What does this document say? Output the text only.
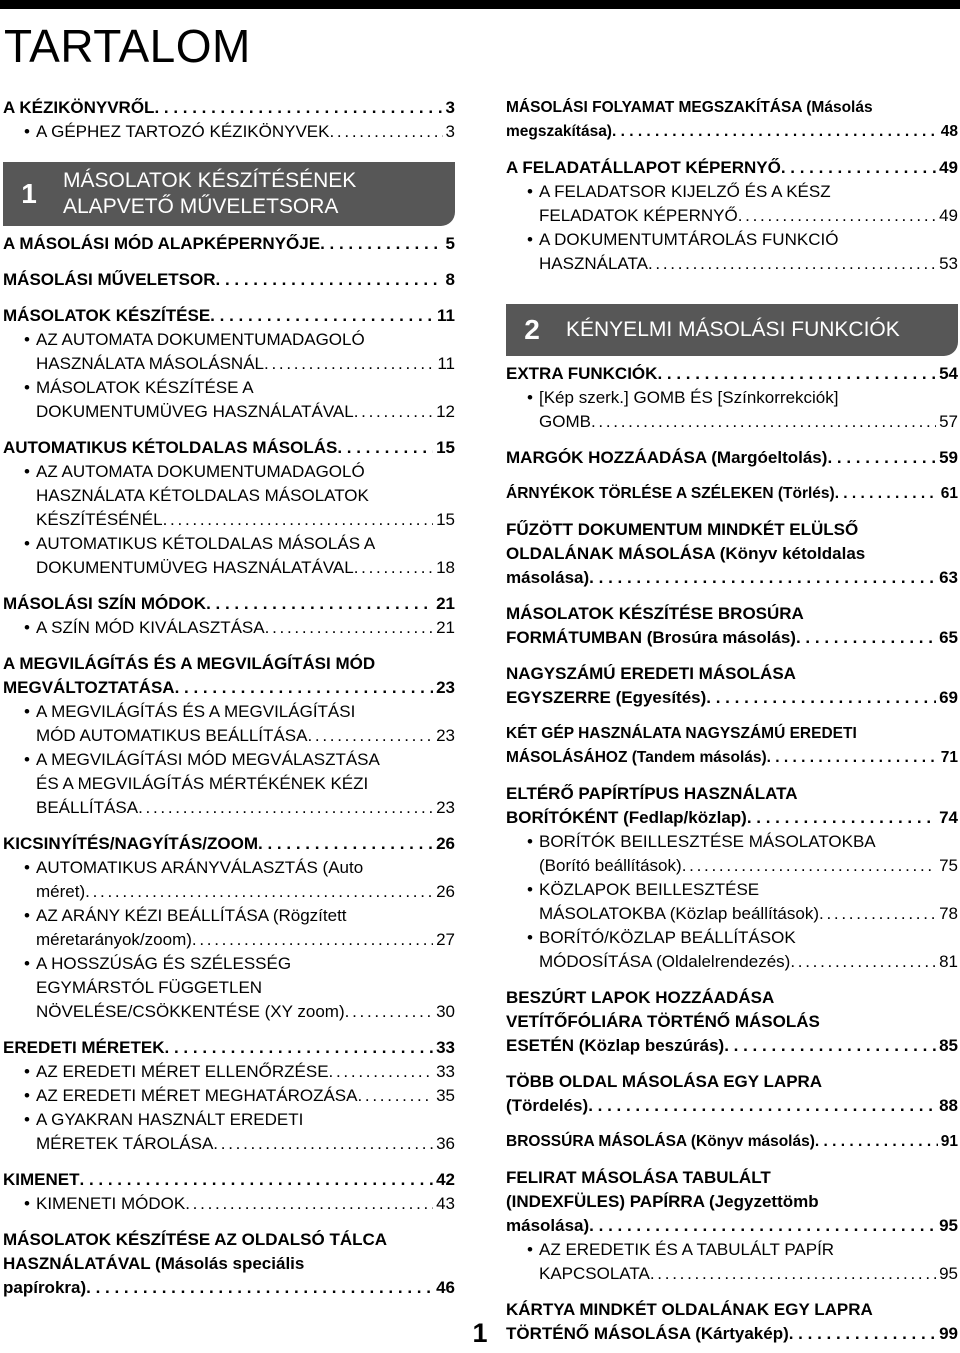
TARTALOM
A KÉZIKÖNYVRŐL . . .	3
• A GÉPHEZ TARTOZÓ KÉZIKÖNYVEK . . .	3
1	MÁSOLATOK KÉSZÍTÉSÉNEK
ALAPVETŐ MŰVELETSORA
A MÁSOLÁSI MÓD ALAPKÉPERNYŐJE . . .	5
MÁSOLÁSI MŰVELETSOR . . .	8
MÁSOLATOK KÉSZÍTÉSE . . .	11
• AZ AUTOMATA DOKUMENTUMADAGOLÓ
HASZNÁLATA MÁSOLÁSNÁL . . .	11
• MÁSOLATOK KÉSZÍTÉSE A
DOKUMENTUMÜVEG HASZNÁLATÁVAL . . .	12
AUTOMATIKUS KÉTOLDALAS MÁSOLÁS . . .	15
• AZ AUTOMATA DOKUMENTUMADAGOLÓ
HASZNÁLATA KÉTOLDALAS MÁSOLATOK
KÉSZÍTÉSÉNÉL . . .	15
• AUTOMATIKUS KÉTOLDALAS MÁSOLÁS A
DOKUMENTUMÜVEG HASZNÁLATÁVAL . . .	18
MÁSOLÁSI SZÍN MÓDOK . . .	21
• A SZÍN MÓD KIVÁLASZTÁSA . . .	21
A MEGVILÁGÍTÁS ÉS A MEGVILÁGÍTÁSI MÓD
MEGVÁLTOZTATÁSA . . .	23
• A MEGVILÁGÍTÁS ÉS A MEGVILÁGÍTÁSI
MÓD AUTOMATIKUS BEÁLLÍTÁSA . . .	23
• A MEGVILÁGÍTÁSI MÓD MEGVÁLASZTÁSA
ÉS A MEGVILÁGÍTÁS MÉRTÉKÉNEK KÉZI
BEÁLLÍTÁSA . . .	23
KICSINYÍTÉS/NAGYÍTÁS/ZOOM . . .	26
• AUTOMATIKUS ARÁNYVÁLASZTÁS (Auto
méret) . . .	26
• AZ ARÁNY KÉZI BEÁLLÍTÁSA (Rögzített
méretarányok/zoom) . . .	27
• A HOSSZÚSÁG ÉS SZÉLESSÉG
EGYMÁRSTÓL FÜGGETLEN
NÖVELÉSE/CSÖKKENTÉSE (XY zoom) . . .	30
EREDETI MÉRETEK . . .	33
• AZ EREDETI MÉRET ELLENŐRZÉSE . . .	33
• AZ EREDETI MÉRET MEGHATÁROZÁSA . . .	35
• A GYAKRAN HASZNÁLT EREDETI
MÉRETEK TÁROLÁSA . . .	36
KIMENET . . .	42
• KIMENETI MÓDOK . . .	43
MÁSOLATOK KÉSZÍTÉSE AZ OLDALSÓ TÁLCA
HASZNÁLATÁVAL (Másolás speciális
papírokra) . . .	46
MÁSOLÁSI FOLYAMAT MEGSZAKÍTÁSA (Másolás
megszakítása) . . .	48
A FELADATÁLLAPOT KÉPERNYŐ . . .	49
• A FELADATSOR KIJELZŐ ÉS A KÉSZ
FELADATOK KÉPERNYŐ . . .	49
• A DOKUMENTUMTÁROLÁS FUNKCIÓ
HASZNÁLATA . . .	53
2	KÉNYELMI MÁSOLÁSI FUNKCIÓK
EXTRA FUNKCIÓK . . .	54
• [Kép szerk.] GOMB ÉS [Színkorrekciók]
GOMB . . .	57
MARGÓK HOZZÁADÁSA (Margóeltolás) . . .	59
ÁRNYÉKOK TÖRLÉSE A SZÉLEKEN (Törlés) . . .	61
FŰZÖTT DOKUMENTUM MINDKÉT ELÜLSŐ
OLDALÁNAK MÁSOLÁSA (Könyv kétoldalas
másolása) . . .	63
MÁSOLATOK KÉSZÍTÉSE BROSÚRA
FORMÁTUMBAN (Brosúra másolás) . . .	65
NAGYSZÁMÚ EREDETI MÁSOLÁSA
EGYSZERRE (Egyesítés) . . .	69
KÉT GÉP HASZNÁLATA NAGYSZÁMÚ EREDETI
MÁSOLÁSÁHOZ (Tandem másolás) . . .	71
ELTÉRŐ PAPÍRTÍPUS HASZNÁLATA
BORÍTÓKÉNT (Fedlap/közlap) . . .	74
• BORÍTÓK BEILLESZTÉSE MÁSOLATOKBA
(Borító beállítások) . . .	75
• KÖZLAPOK BEILLESZTÉSE
MÁSOLATOKBA (Közlap beállítások) . . .	78
• BORÍTÓ/KÖZLAP BEÁLLÍTÁSOK
MÓDOSÍTÁSA (Oldalelrendezés) . . .	81
BESZÚRT LAPOK HOZZÁADÁSA
VETÍTŐFÓLIÁRA TÖRTÉNŐ MÁSOLÁS
ESETÉN (Közlap beszúrás) . . .	85
TÖBB OLDAL MÁSOLÁSA EGY LAPRA
(Tördelés) . . .	88
BROSSÚRA MÁSOLÁSA (Könyv másolás) . . .	91
FELIRAT MÁSOLÁSA TABULÁLT
(INDEXFÜLES) PAPÍRRA (Jegyzettömb
másolása) . . .	95
• AZ EREDETIK ÉS A TABULÁLT PAPÍR
KAPCSOLATA . . .	95
KÁRTYA MINDKÉT OLDALÁNAK EGY LAPRA
TÖRTÉNŐ MÁSOLÁSA (Kártyakép) . . .	99
1
